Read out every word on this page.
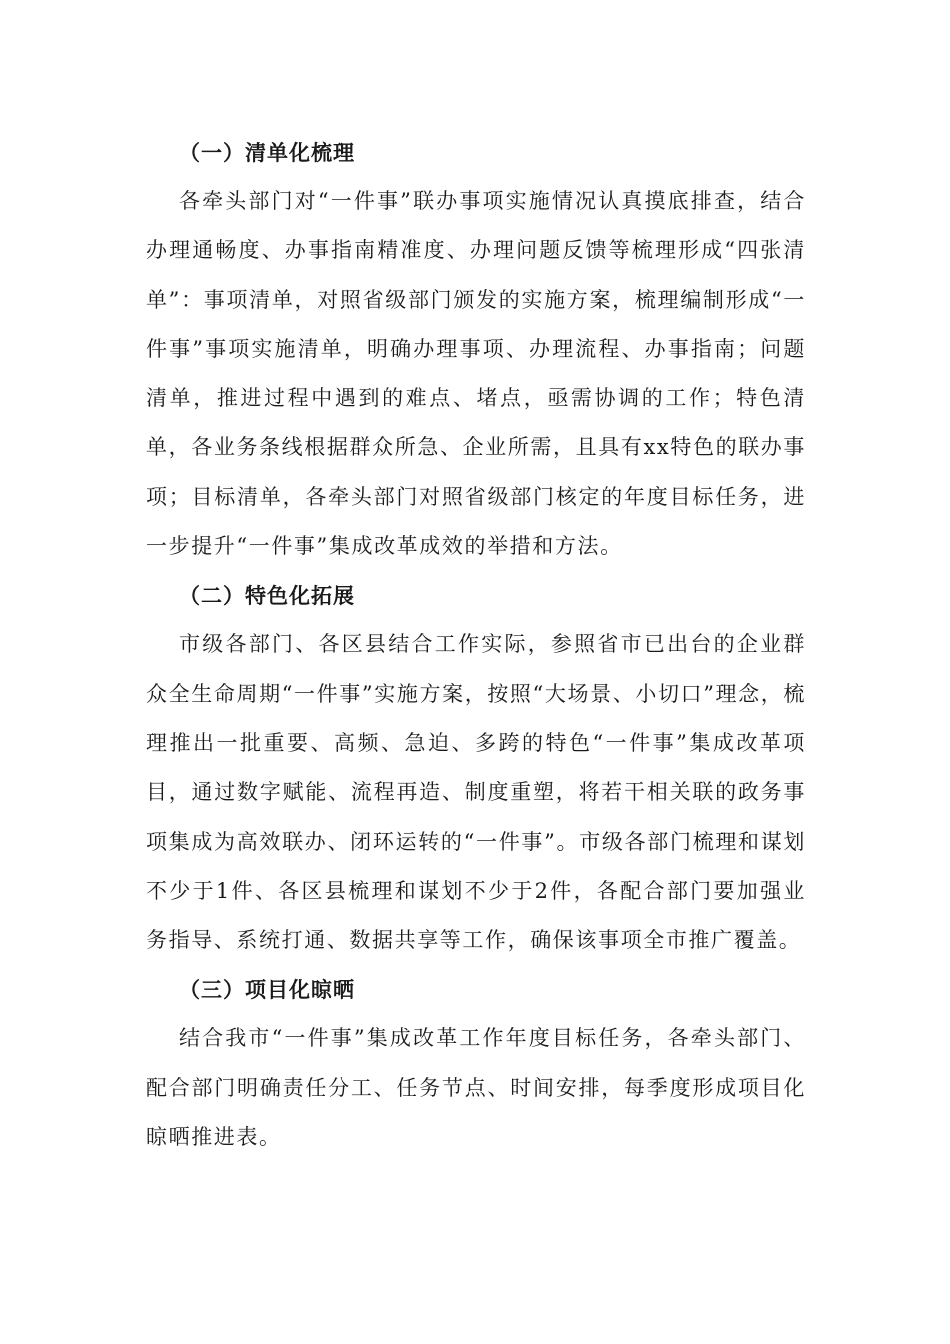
（一）清单化梳理

各牵头部门对“一件事”联办事项实施情况认真摸底排查，结合办理通畅度、办事指南精准度、办理问题反馈等梳理形成“四张清单”：事项清单，对照省级部门颁发的实施方案，梳理编制形成“一件事”事项实施清单，明确办理事项、办理流程、办事指南；问题清单，推进过程中遇到的难点、堵点，亟需协调的工作；特色清单，各业务条线根据群众所急、企业所需，且具有xx特色的联办事项；目标清单，各牵头部门对照省级部门核定的年度目标任务，进一步提升“一件事”集成改革成效的举措和方法。

（二）特色化拓展

市级各部门、各区县结合工作实际，参照省市已出台的企业群众全生命周期“一件事”实施方案，按照“大场景、小切口”理念，梳理推出一批重要、高频、急迫、多跨的特色“一件事”集成改革项目，通过数字赋能、流程再造、制度重塑，将若干相关联的政务事项集成为高效联办、闭环运转的“一件事”。市级各部门梳理和谋划不少于1件、各区县梳理和谋划不少于2件，各配合部门要加强业务指导、系统打通、数据共享等工作，确保该事项全市推广覆盖。

（三）项目化晾晒

结合我市“一件事”集成改革工作年度目标任务，各牵头部门、配合部门明确责任分工、任务节点、时间安排，每季度形成项目化晾晒推进表。
